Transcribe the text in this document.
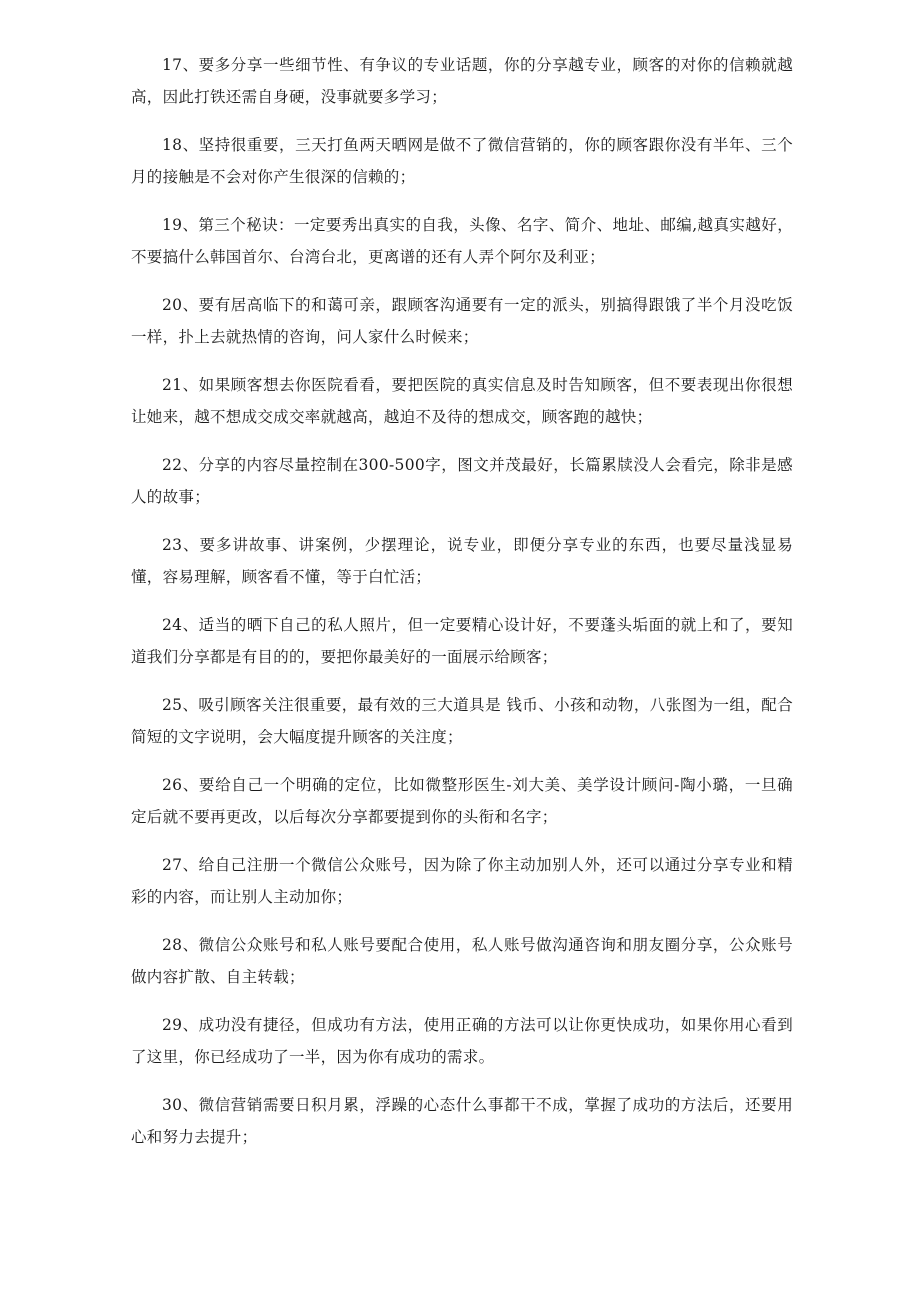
17、要多分享一些细节性、有争议的专业话题，你的分享越专业，顾客的对你的信赖就越高，因此打铁还需自身硬，没事就要多学习；

18、坚持很重要，三天打鱼两天晒网是做不了微信营销的，你的顾客跟你没有半年、三个月的接触是不会对你产生很深的信赖的；

19、第三个秘诀：一定要秀出真实的自我，头像、名字、简介、地址、邮编,越真实越好，不要搞什么韩国首尔、台湾台北，更离谱的还有人弄个阿尔及利亚；

20、要有居高临下的和蔼可亲，跟顾客沟通要有一定的派头，别搞得跟饿了半个月没吃饭一样，扑上去就热情的咨询，问人家什么时候来；

21、如果顾客想去你医院看看，要把医院的真实信息及时告知顾客，但不要表现出你很想让她来，越不想成交成交率就越高，越迫不及待的想成交，顾客跑的越快；

22、分享的内容尽量控制在300-500字，图文并茂最好，长篇累牍没人会看完，除非是感人的故事；

23、要多讲故事、讲案例，少摆理论，说专业，即便分享专业的东西，也要尽量浅显易懂，容易理解，顾客看不懂，等于白忙活；

24、适当的晒下自己的私人照片，但一定要精心设计好，不要蓬头垢面的就上和了，要知道我们分享都是有目的的，要把你最美好的一面展示给顾客；

25、吸引顾客关注很重要，最有效的三大道具是 钱币、小孩和动物，八张图为一组，配合简短的文字说明，会大幅度提升顾客的关注度；

26、要给自己一个明确的定位，比如微整形医生-刘大美、美学设计顾问-陶小璐，一旦确定后就不要再更改，以后每次分享都要提到你的头衔和名字；

27、给自己注册一个微信公众账号，因为除了你主动加别人外，还可以通过分享专业和精彩的内容，而让别人主动加你；

28、微信公众账号和私人账号要配合使用，私人账号做沟通咨询和朋友圈分享，公众账号做内容扩散、自主转载；

29、成功没有捷径，但成功有方法，使用正确的方法可以让你更快成功，如果你用心看到了这里，你已经成功了一半，因为你有成功的需求。

30、微信营销需要日积月累，浮躁的心态什么事都干不成，掌握了成功的方法后，还要用心和努力去提升；
